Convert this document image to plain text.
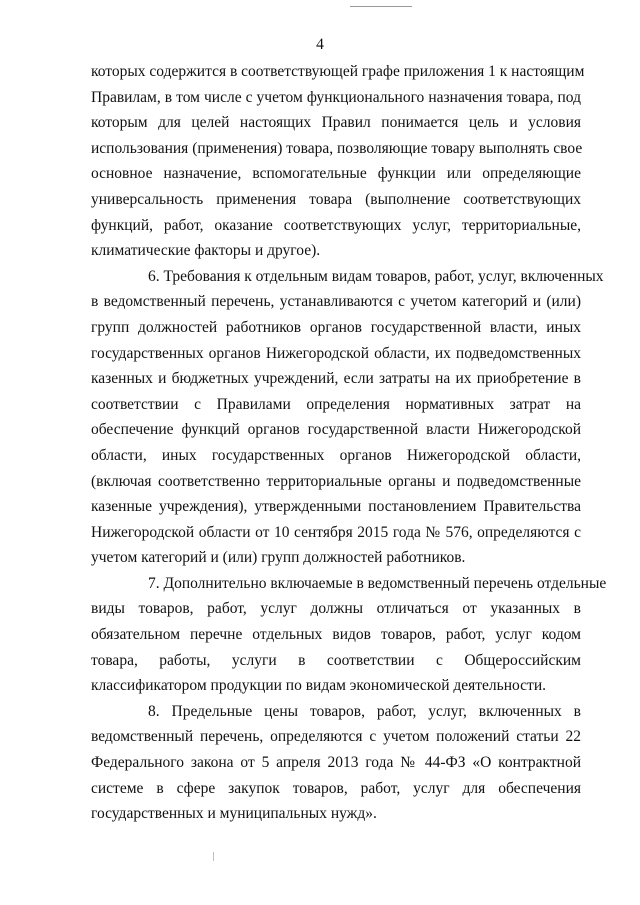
4
которых содержится в соответствующей графе приложения 1 к настоящим
Правилам, в том числе с учетом функционального назначения товара, под
которым для целей настоящих Правил понимается цель и условия
использования (применения) товара, позволяющие товару выполнять свое
основное назначение, вспомогательные функции или определяющие
универсальность применения товара (выполнение соответствующих
функций, работ, оказание соответствующих услуг, территориальные,
климатические факторы и другое).
6. Требования к отдельным видам товаров, работ, услуг, включенных
в ведомственный перечень, устанавливаются с учетом категорий и (или)
групп должностей работников органов государственной власти, иных
государственных органов Нижегородской области, их подведомственных
казенных и бюджетных учреждений, если затраты на их приобретение в
соответствии с Правилами определения нормативных затрат на
обеспечение функций органов государственной власти Нижегородской
области, иных государственных органов Нижегородской области,
(включая соответственно территориальные органы и подведомственные
казенные учреждения), утвержденными постановлением Правительства
Нижегородской области от 10 сентября 2015 года № 576, определяются с
учетом категорий и (или) групп должностей работников.
7. Дополнительно включаемые в ведомственный перечень отдельные
виды товаров, работ, услуг должны отличаться от указанных в
обязательном перечне отдельных видов товаров, работ, услуг кодом
товара, работы, услуги в соответствии с Общероссийским
классификатором продукции по видам экономической деятельности.
8. Предельные цены товаров, работ, услуг, включенных в
ведомственный перечень, определяются с учетом положений статьи 22
Федерального закона от 5 апреля 2013 года № 44-ФЗ «О контрактной
системе в сфере закупок товаров, работ, услуг для обеспечения
государственных и муниципальных нужд».
